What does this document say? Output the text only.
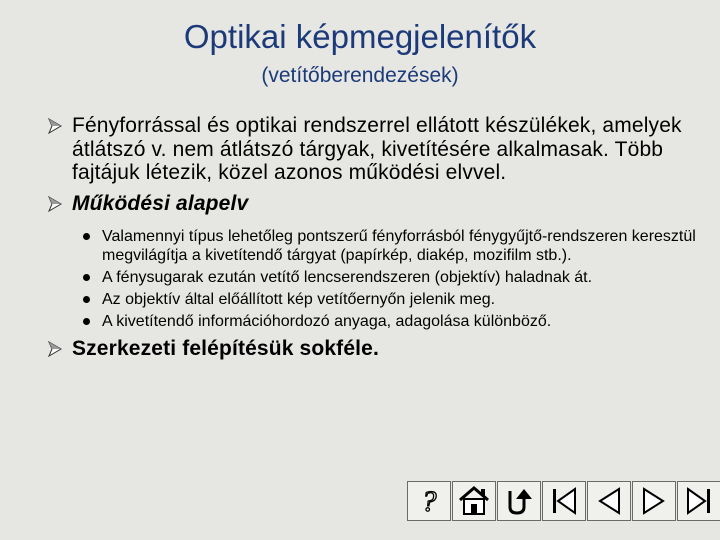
Optikai képmegjelenítők
(vetítőberendezések)
Fényforrással és optikai rendszerrel ellátott készülékek, amelyek átlátszó v. nem átlátszó tárgyak, kivetítésére alkalmasak. Több fajtájuk létezik, közel azonos működési elvvel.
Működési alapelv
Valamennyi típus lehetőleg pontszerű fényforrásból fénygyűjtő-rendszeren keresztül megvilágítja a kivetítendő tárgyat (papírkép, diakép, mozifilm stb.).
A fénysugarak ezután vetítő lencserendszeren (objektív) haladnak át.
Az objektív által előállított kép vetítőernyőn jelenik meg.
A kivetítendő információhordozó anyaga, adagolása különböző.
Szerkezeti felépítésük sokféle.
?
